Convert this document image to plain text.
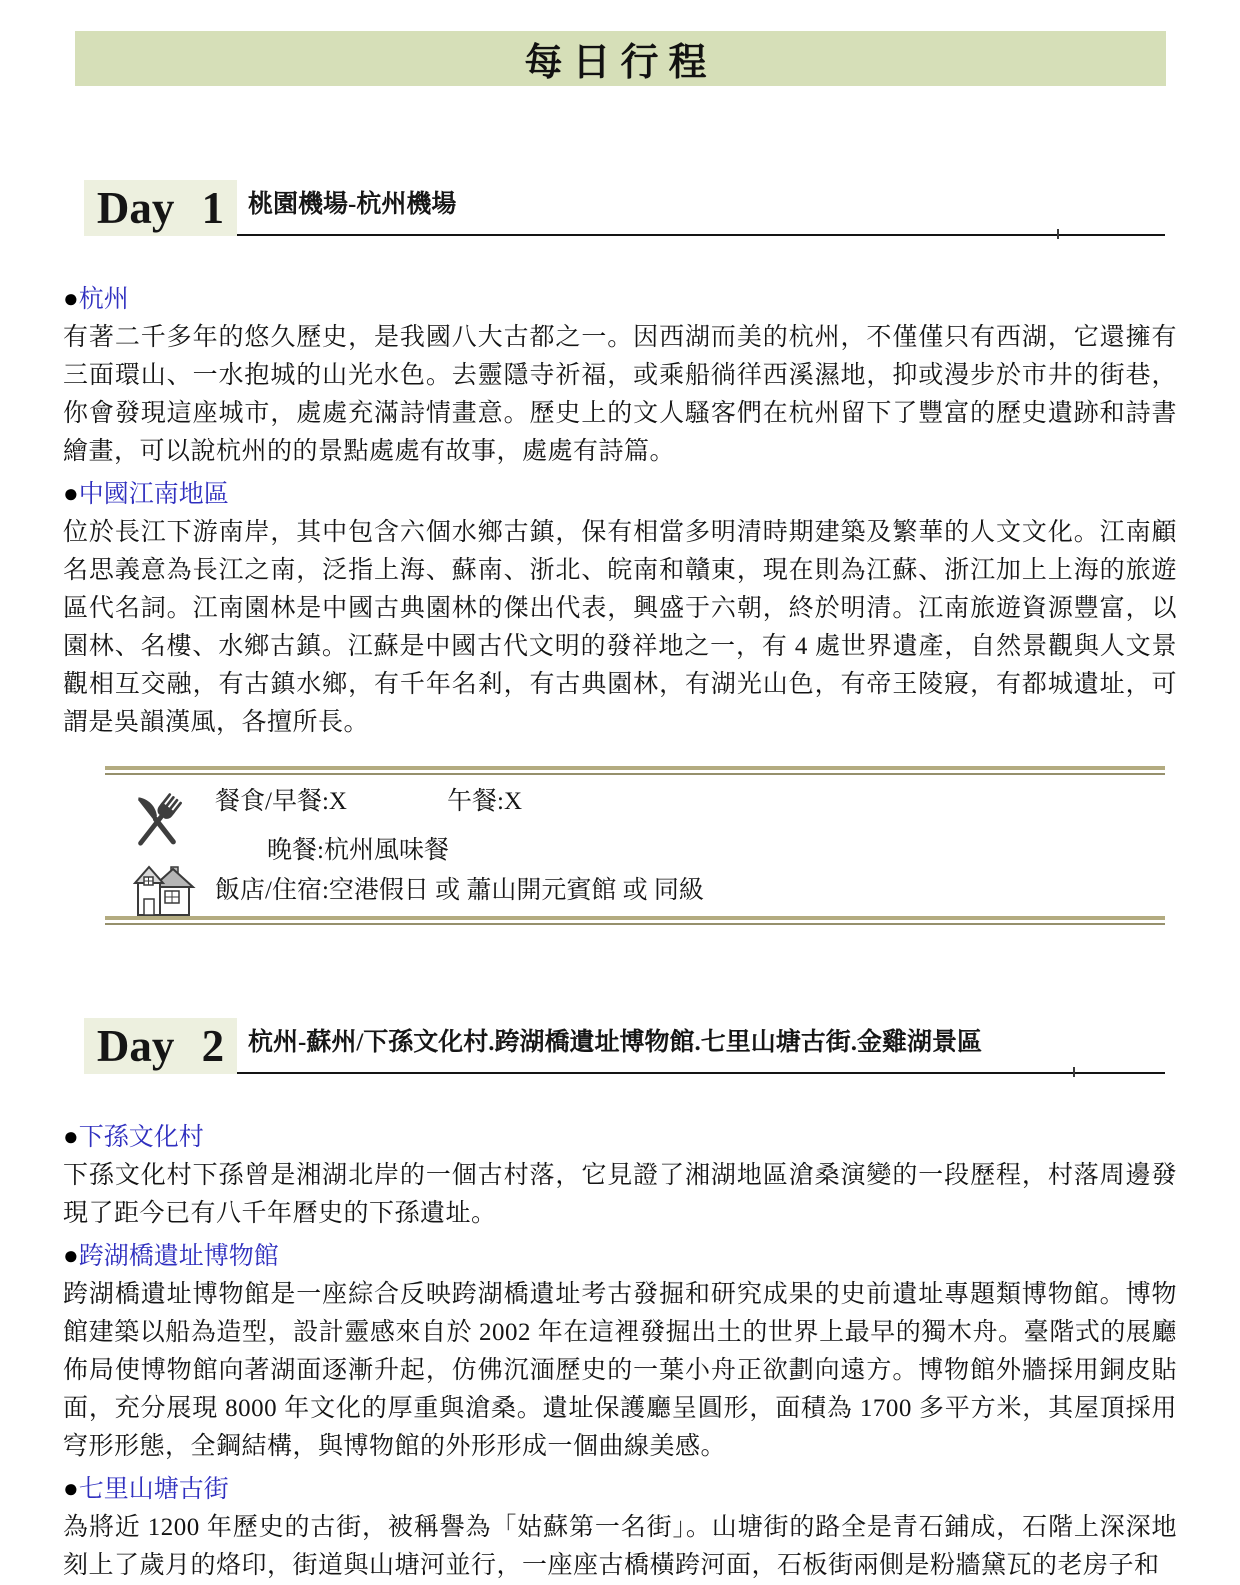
每日行程
Day 1 桃園機場-杭州機場
●杭州

有著二千多年的悠久歷史，是我國八大古都之一。因西湖而美的杭州，不僅僅只有西湖，它還擁有三面環山、一水抱城的山光水色。去靈隱寺祈福，或乘船徜徉西溪濕地，抑或漫步於市井的街巷，你會發現這座城市，處處充滿詩情畫意。歷史上的文人騷客們在杭州留下了豐富的歷史遺跡和詩書繪畫，可以說杭州的的景點處處有故事，處處有詩篇。

●中國江南地區

位於長江下游南岸，其中包含六個水鄉古鎮，保有相當多明清時期建築及繁華的人文文化。江南顧名思義意為長江之南，泛指上海、蘇南、浙北、皖南和贛東，現在則為江蘇、浙江加上上海的旅遊區代名詞。江南園林是中國古典園林的傑出代表，興盛于六朝，終於明清。江南旅遊資源豐富，以園林、名樓、水鄉古鎮。江蘇是中國古代文明的發祥地之一，有 4 處世界遺產，自然景觀與人文景觀相互交融，有古鎮水鄉，有千年名剎，有古典園林，有湖光山色，有帝王陵寢，有都城遺址，可謂是吳韻漢風，各擅所長。

餐食/早餐:X	午餐:X
晚餐:杭州風味餐
飯店/住宿:空港假日 或 蕭山開元賓館 或 同級
Day 2 杭州-蘇州/下孫文化村.跨湖橋遺址博物館.七里山塘古街.金雞湖景區
●下孫文化村

下孫文化村下孫曾是湘湖北岸的一個古村落，它見證了湘湖地區滄桑演變的一段歷程，村落周邊發現了距今已有八千年曆史的下孫遺址。

●跨湖橋遺址博物館

跨湖橋遺址博物館是一座綜合反映跨湖橋遺址考古發掘和研究成果的史前遺址專題類博物館。博物館建築以船為造型，設計靈感來自於 2002 年在這裡發掘出土的世界上最早的獨木舟。臺階式的展廳佈局使博物館向著湖面逐漸升起，仿佛沉湎歷史的一葉小舟正欲劃向遠方。博物館外牆採用銅皮貼面，充分展現 8000 年文化的厚重與滄桑。遺址保護廳呈圓形，面積為 1700 多平方米，其屋頂採用穹形形態，全鋼結構，與博物館的外形形成一個曲線美感。

●七里山塘古街

為將近 1200 年歷史的古街，被稱譽為「姑蘇第一名街」。山塘街的路全是青石鋪成，石階上深深地刻上了歲月的烙印，街道與山塘河並行，一座座古橋橫跨河面，石板街兩側是粉牆黛瓦的老房子和
